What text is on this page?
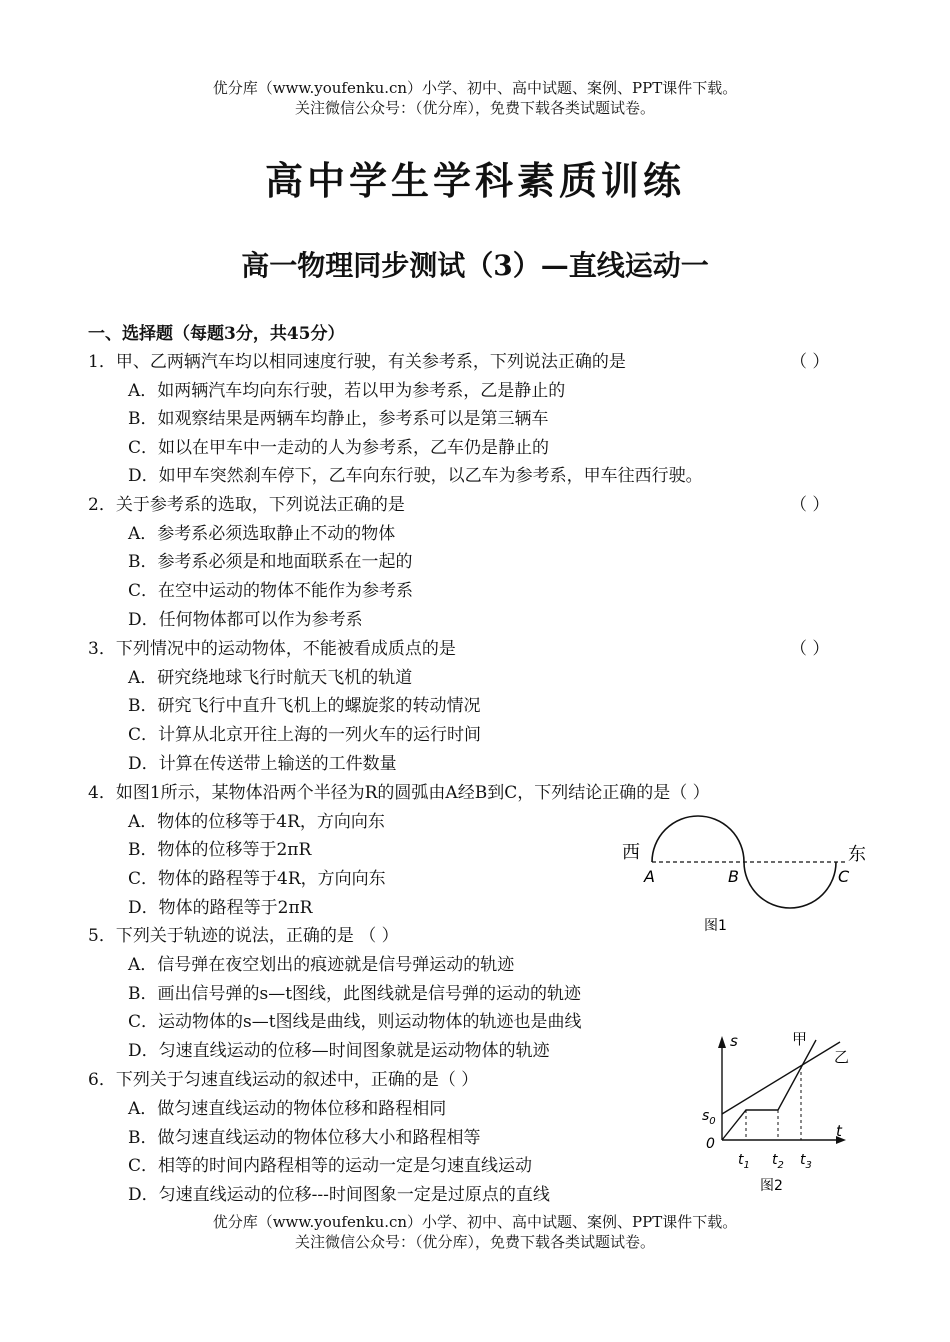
优分库（www.youfenku.cn）小学、初中、高中试题、案例、PPT课件下载。
关注微信公众号：（优分库），免费下载各类试题试卷。
高中学生学科素质训练
高一物理同步测试（3）—直线运动一
一、选择题（每题3分，共45分）
1．甲、乙两辆汽车均以相同速度行驶，有关参考系，下列说法正确的是	（ ）
A．如两辆汽车均向东行驶，若以甲为参考系，乙是静止的
B．如观察结果是两辆车均静止，参考系可以是第三辆车
C．如以在甲车中一走动的人为参考系，乙车仍是静止的
D．如甲车突然刹车停下，乙车向东行驶，以乙车为参考系，甲车往西行驶。
2．关于参考系的选取，下列说法正确的是	（ ）
A．参考系必须选取静止不动的物体
B．参考系必须是和地面联系在一起的
C．在空中运动的物体不能作为参考系
D．任何物体都可以作为参考系
3．下列情况中的运动物体，不能被看成质点的是	（ ）
A．研究绕地球飞行时航天飞机的轨道
B．研究飞行中直升飞机上的螺旋浆的转动情况
C．计算从北京开往上海的一列火车的运行时间
D．计算在传送带上输送的工件数量
4．如图1所示，某物体沿两个半径为R的圆弧由A经B到C，下列结论正确的是（ ）
A．物体的位移等于4R，方向向东
B．物体的位移等于2πR
C．物体的路程等于4R，方向向东
D．物体的路程等于2πR
西	东
A	B	C
图1
5．下列关于轨迹的说法，正确的是 （ ）
A．信号弹在夜空划出的痕迹就是信号弹运动的轨迹
B．画出信号弹的s—t图线，此图线就是信号弹的运动的轨迹
C．运动物体的s—t图线是曲线，则运动物体的轨迹也是曲线
D．匀速直线运动的位移—时间图象就是运动物体的轨迹	s
t
0
$s_0$
$t_1$ $t_2$ $t_3$
甲
乙
图2
6．下列关于匀速直线运动的叙述中，正确的是（ ）
A．做匀速直线运动的物体位移和路程相同
B．做匀速直线运动的物体位移大小和路程相等
C．相等的时间内路程相等的运动一定是匀速直线运动
D．匀速直线运动的位移---时间图象一定是过原点的直线
优分库（www.youfenku.cn）小学、初中、高中试题、案例、PPT课件下载。
关注微信公众号：（优分库），免费下载各类试题试卷。
